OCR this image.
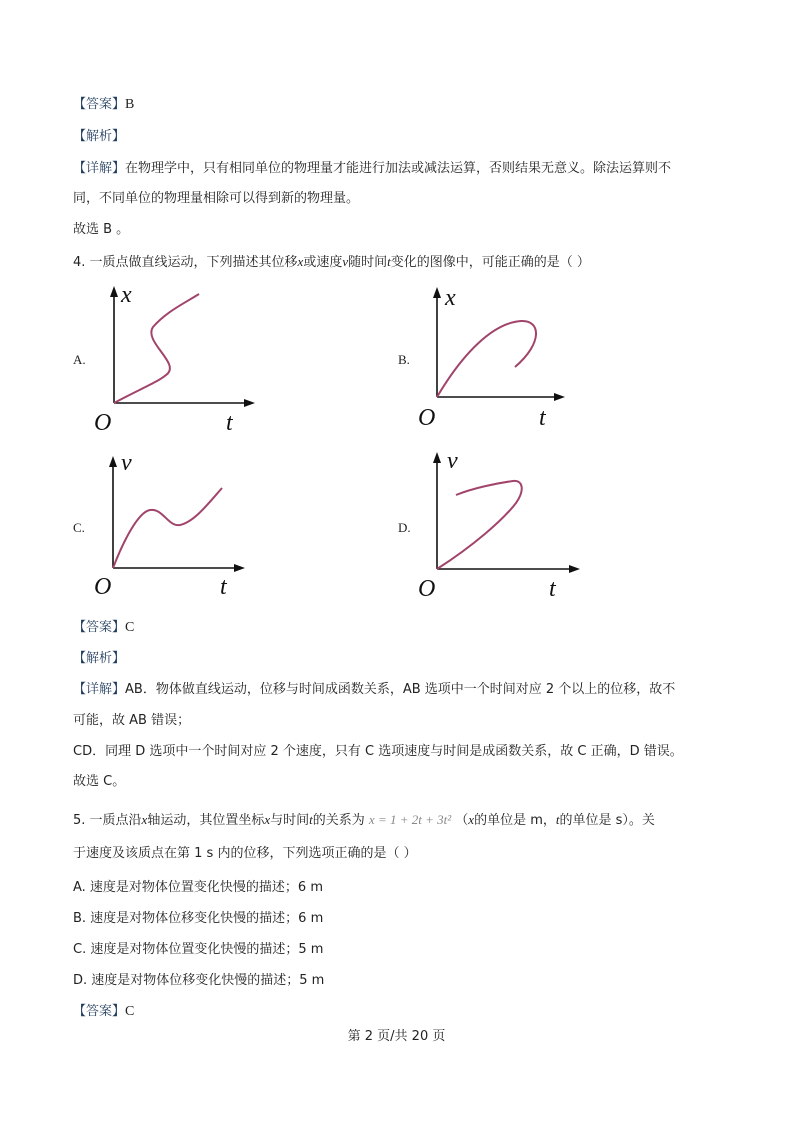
【答案】B
【解析】
【详解】在物理学中，只有相同单位的物理量才能进行加法或减法运算，否则结果无意义。除法运算则不
同，不同单位的物理量相除可以得到新的物理量。
故选 B 。
4. 一质点做直线运动，下列描述其位移x或速度v随时间t变化的图像中，可能正确的是（ ）
A.
x
O	t
B.
x
O	t
C.
v
O	t
D.
v
O	t
【答案】C
【解析】
【详解】AB．物体做直线运动，位移与时间成函数关系，AB 选项中一个时间对应 2 个以上的位移，故不
可能，故 AB 错误；
CD．同理 D 选项中一个时间对应 2 个速度，只有 C 选项速度与时间是成函数关系，故 C 正确，D 错误。
故选 C。
5. 一质点沿x轴运动，其位置坐标x与时间t的关系为 x = 1 + 2t + 3t² （x的单位是 m，t的单位是 s）。关
于速度及该质点在第 1 s 内的位移，下列选项正确的是（ ）
A. 速度是对物体位置变化快慢的描述；6 m
B. 速度是对物体位移变化快慢的描述；6 m
C. 速度是对物体位置变化快慢的描述；5 m
D. 速度是对物体位移变化快慢的描述；5 m
【答案】C
第 2 页/共 20 页
